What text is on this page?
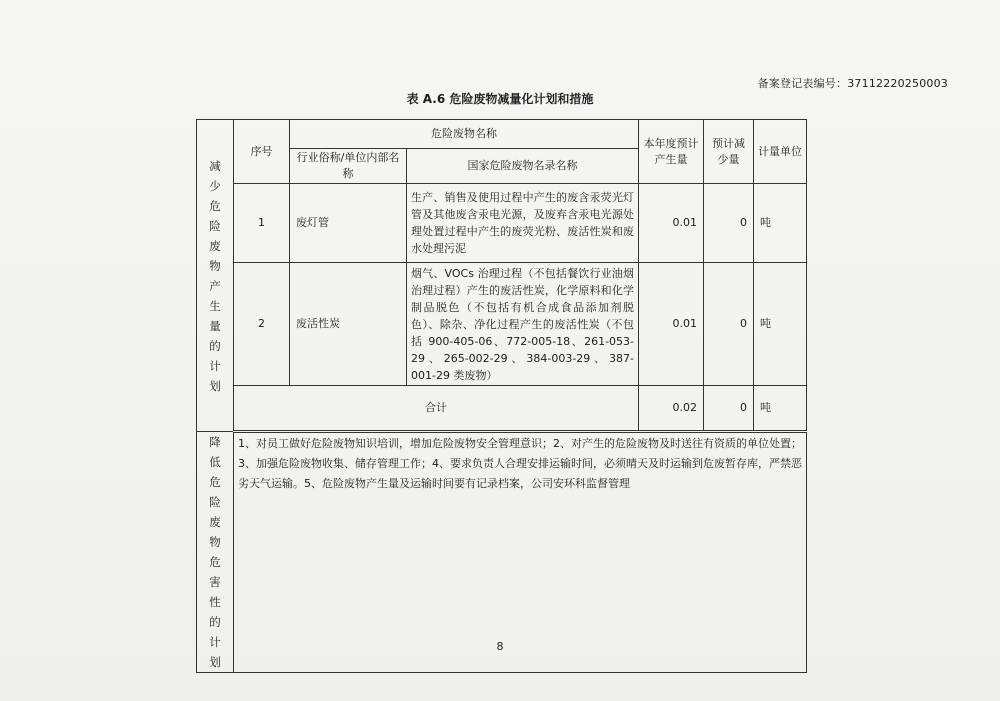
备案登记表编号：37112220250003
表 A.6 危险废物减量化计划和措施
减少危险废物产生量的计划	序号	危险废物名称		本年度预计产生量	预计减少量	计量单位
		行业俗称/单位内部名称	国家危险废物名录名称			
	1	废灯管	生产、销售及使用过程中产生的废含汞荧光灯管及其他废含汞电光源，及废弃含汞电光源处理处置过程中产生的废荧光粉、废活性炭和废水处理污泥	0.01	0	吨
	2	废活性炭	烟气、VOCs 治理过程（不包括餐饮行业油烟治理过程）产生的废活性炭，化学原料和化学制品脱色（不包括有机合成食品添加剂脱色）、除杂、净化过程产生的废活性炭（不包括 900-405-06、772-005-18、261-053-29、265-002-29、384-003-29、387-001-29 类废物）	0.01	0	吨
	合计			0.02	0	吨
降低危险废物危害性的计划	1、对员工做好危险废物知识培训，增加危险废物安全管理意识；2、对产生的危险废物及时送往有资质的单位处置；3、加强危险废物收集、储存管理工作；4、要求负责人合理安排运输时间，必须晴天及时运输到危废暂存库，严禁恶劣天气运输。5、危险废物产生量及运输时间要有记录档案，公司安环科监督管理					
8
